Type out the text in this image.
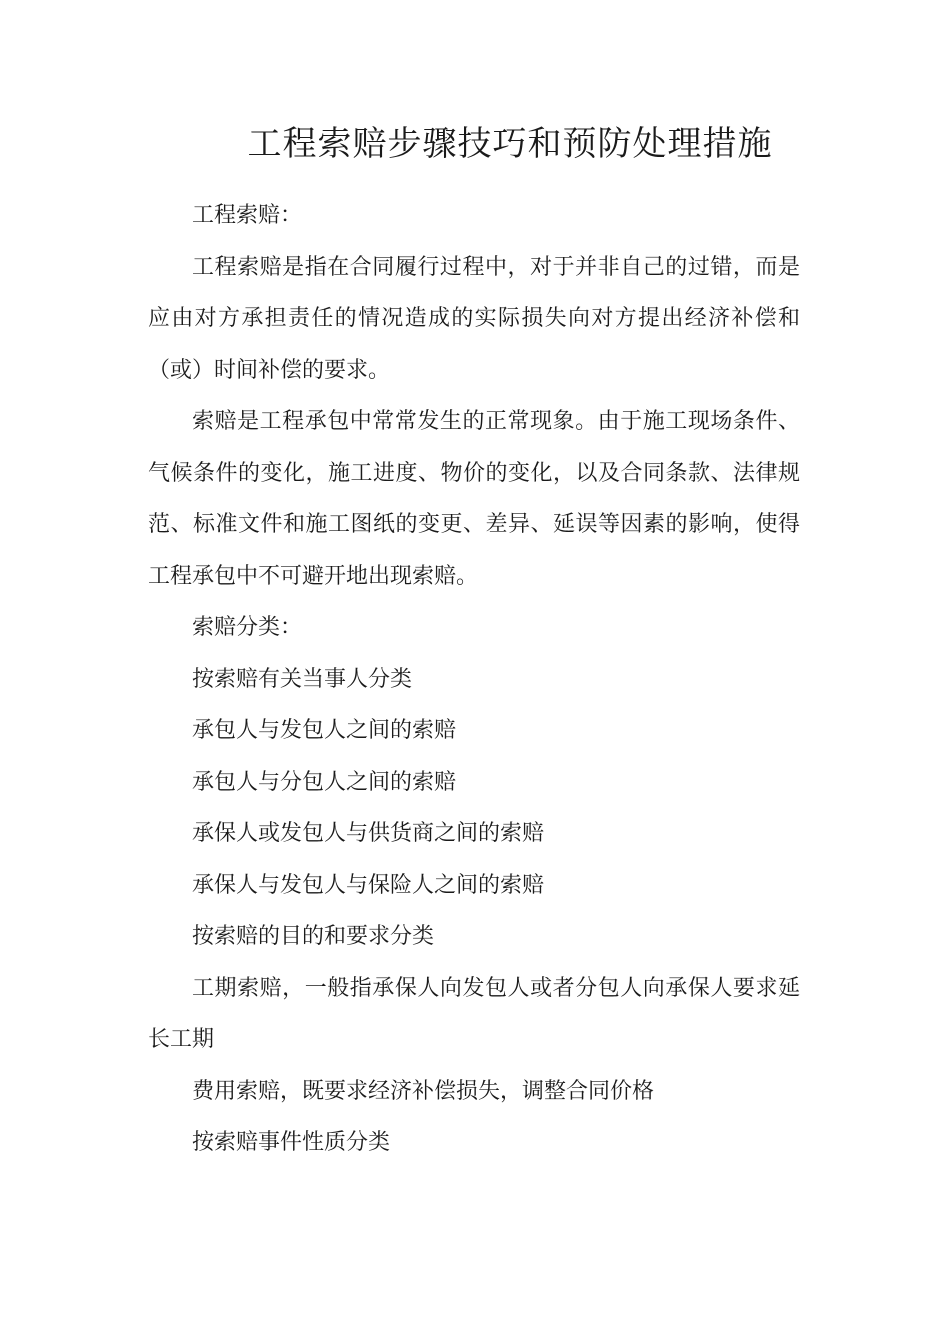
工程索赔步骤技巧和预防处理措施

工程索赔：

工程索赔是指在合同履行过程中，对于并非自己的过错，而是应由对方承担责任的情况造成的实际损失向对方提出经济补偿和（或）时间补偿的要求。

索赔是工程承包中常常发生的正常现象。由于施工现场条件、气候条件的变化，施工进度、物价的变化，以及合同条款、法律规范、标准文件和施工图纸的变更、差异、延误等因素的影响，使得工程承包中不可避开地出现索赔。

索赔分类：

按索赔有关当事人分类

承包人与发包人之间的索赔

承包人与分包人之间的索赔

承保人或发包人与供货商之间的索赔

承保人与发包人与保险人之间的索赔

按索赔的目的和要求分类

工期索赔，一般指承保人向发包人或者分包人向承保人要求延长工期

费用索赔，既要求经济补偿损失，调整合同价格

按索赔事件性质分类
